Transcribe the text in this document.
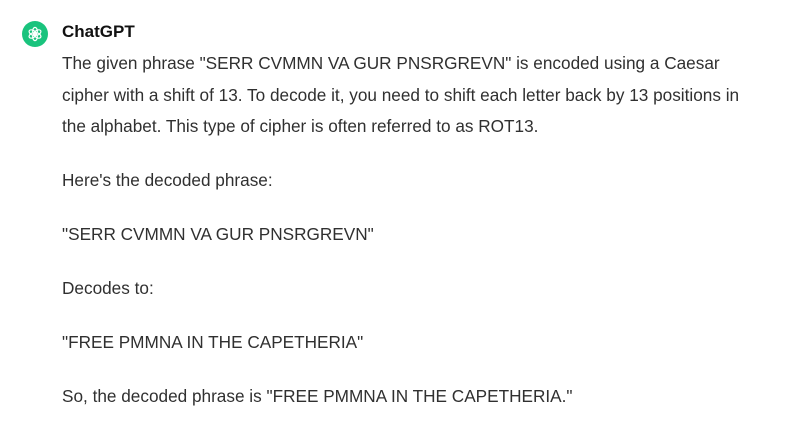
ChatGPT

The given phrase "SERR CVMMN VA GUR PNSRGREVN" is encoded using a Caesar cipher with a shift of 13. To decode it, you need to shift each letter back by 13 positions in the alphabet. This type of cipher is often referred to as ROT13.

Here's the decoded phrase:

"SERR CVMMN VA GUR PNSRGREVN"

Decodes to:

"FREE PMMNA IN THE CAPETHERIA"

So, the decoded phrase is "FREE PMMNA IN THE CAPETHERIA."
